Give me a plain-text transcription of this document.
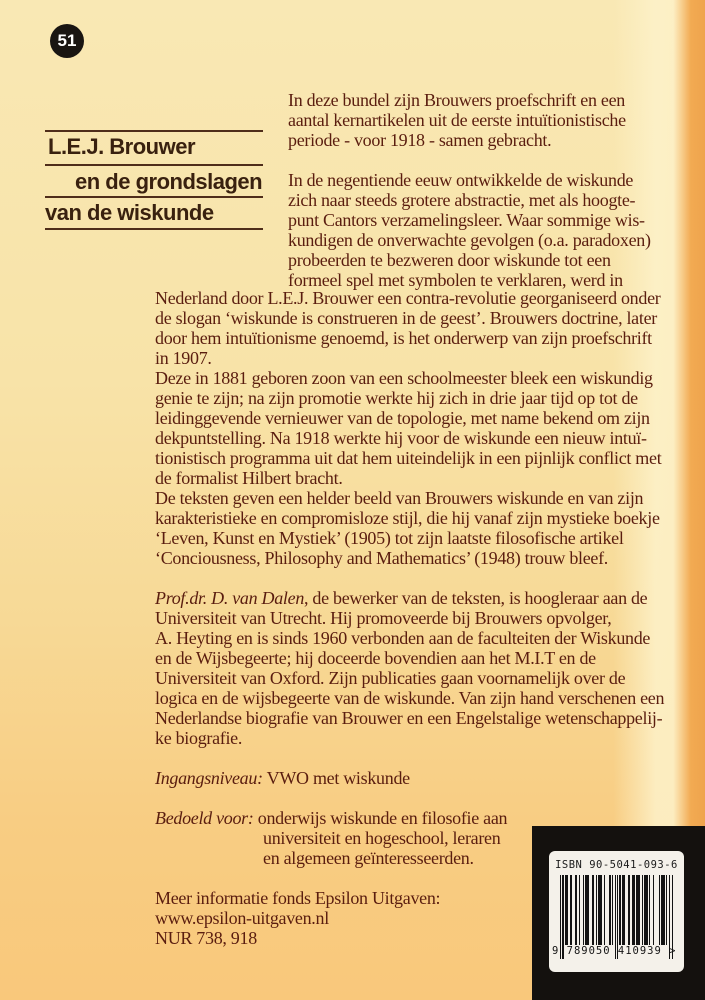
51
L.E.J. Brouwer
en de grondslagen
van de wiskunde
In deze bundel zijn Brouwers proefschrift en een
aantal kernartikelen uit de eerste intuïtionistische
periode - voor 1918 - samen gebracht.

In de negentiende eeuw ontwikkelde de wiskunde
zich naar steeds grotere abstractie, met als hoogte-
punt Cantors verzamelingsleer. Waar sommige wis-
kundigen de onverwachte gevolgen (o.a. paradoxen)
probeerden te bezweren door wiskunde tot een
formeel spel met symbolen te verklaren, werd in
Nederland door L.E.J. Brouwer een contra-revolutie georganiseerd onder
de slogan ‘wiskunde is construeren in de geest’. Brouwers doctrine, later
door hem intuïtionisme genoemd, is het onderwerp van zijn proefschrift
in 1907.
Deze in 1881 geboren zoon van een schoolmeester bleek een wiskundig
genie te zijn; na zijn promotie werkte hij zich in drie jaar tijd op tot de
leidinggevende vernieuwer van de topologie, met name bekend om zijn
dekpuntstelling. Na 1918 werkte hij voor de wiskunde een nieuw intuï-
tionistisch programma uit dat hem uiteindelijk in een pijnlijk conflict met
de formalist Hilbert bracht.
De teksten geven een helder beeld van Brouwers wiskunde en van zijn
karakteristieke en compromisloze stijl, die hij vanaf zijn mystieke boekje
‘Leven, Kunst en Mystiek’ (1905) tot zijn laatste filosofische artikel
‘Conciousness, Philosophy and Mathematics’ (1948) trouw bleef.

Prof.dr. D. van Dalen, de bewerker van de teksten, is hoogleraar aan de
Universiteit van Utrecht. Hij promoveerde bij Brouwers opvolger,
A. Heyting en is sinds 1960 verbonden aan de faculteiten der Wiskunde
en de Wijsbegeerte; hij doceerde bovendien aan het M.I.T en de
Universiteit van Oxford. Zijn publicaties gaan voornamelijk over de
logica en de wijsbegeerte van de wiskunde. Van zijn hand verschenen een
Nederlandse biografie van Brouwer en een Engelstalige wetenschappelij-
ke biografie.

Ingangsniveau: VWO met wiskunde

Bedoeld voor: onderwijs wiskunde en filosofie aan
universiteit en hogeschool, leraren
en algemeen geïnteresseerden.

Meer informatie fonds Epsilon Uitgaven:
www.epsilon-uitgaven.nl
NUR 738, 918
ISBN 90-5041-093-6
9 789050 410939 >
